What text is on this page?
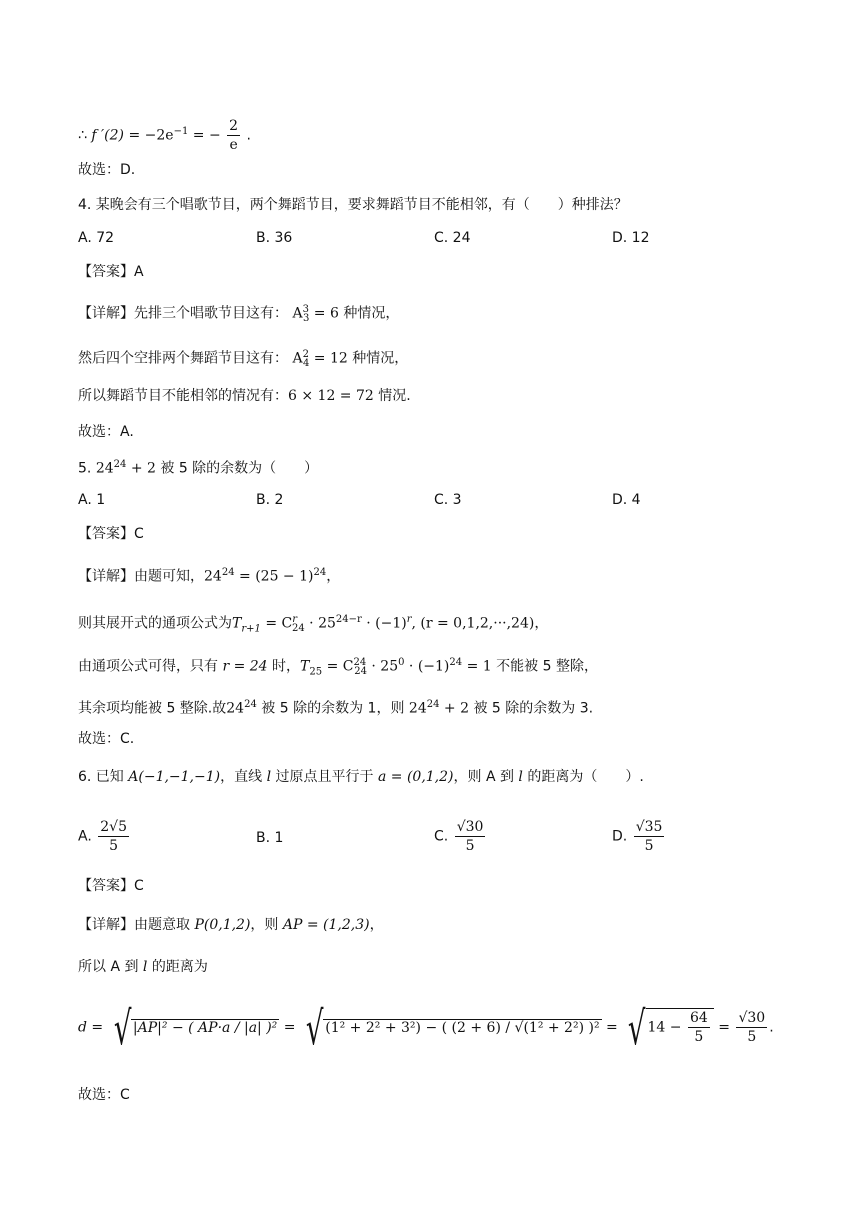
∴ f $'(2) = -2e^{-1}$ = − $\frac{2}{e}$ .
故选：D.
4. 某晚会有三个唱歌节目，两个舞蹈节目，要求舞蹈节目不能相邻，有（　　）种排法？
A. 72	B. 36	C. 24	D. 12
【答案】A
【详解】先排三个唱歌节目这有： $A^3_3 = 6$ 种情况，
然后四个空排两个舞蹈节目这有： $A^2_4 = 12$ 种情况，
所以舞蹈节目不能相邻的情况有：6 × 12 = 72 情况.
故选：A.
5. $24^{24} + 2$ 被 5 除的余数为（　　）
A. 1	B. 2	C. 3	D. 4
【答案】C
【详解】由题可知，$24^{24} = (25 - 1)^{24}$，
则其展开式的通项公式为$T_{r+1} = C^r_{24} \cdot 25^{24-r} \cdot (-1)^r$, (r = 0,1,2,···,24)，
由通项公式可得，只有 r = 24 时，$T_{25} = C^{24}_{24} \cdot 25^0 \cdot (-1)^{24} = 1$ 不能被 5 整除，
其余项均能被 5 整除.故$24^{24}$ 被 5 除的余数为 1，则 $24^{24} + 2$ 被 5 除的余数为 3.
故选：C.
6. 已知 A(−1,−1,−1)，直线 l 过原点且平行于 a = (0,1,2)，则 A 到 l 的距离为（　　）.
A. $\frac{2√5}{5}$	B. 1	C. $\frac{√30}{5}$	D. $\frac{√35}{5}$
【答案】C
【详解】由题意取 P(0,1,2)，则 AP = (1,2,3)，
所以 A 到 l 的距离为
d = √ |AP|² − ( AP·a / |a| )² = √ (1² + 2² + 3²) − ( (2 + 6) / √(1² + 2²) )² = √ $14 - \frac{64}{5} = \frac{√30}{5}$ .
故选：C
